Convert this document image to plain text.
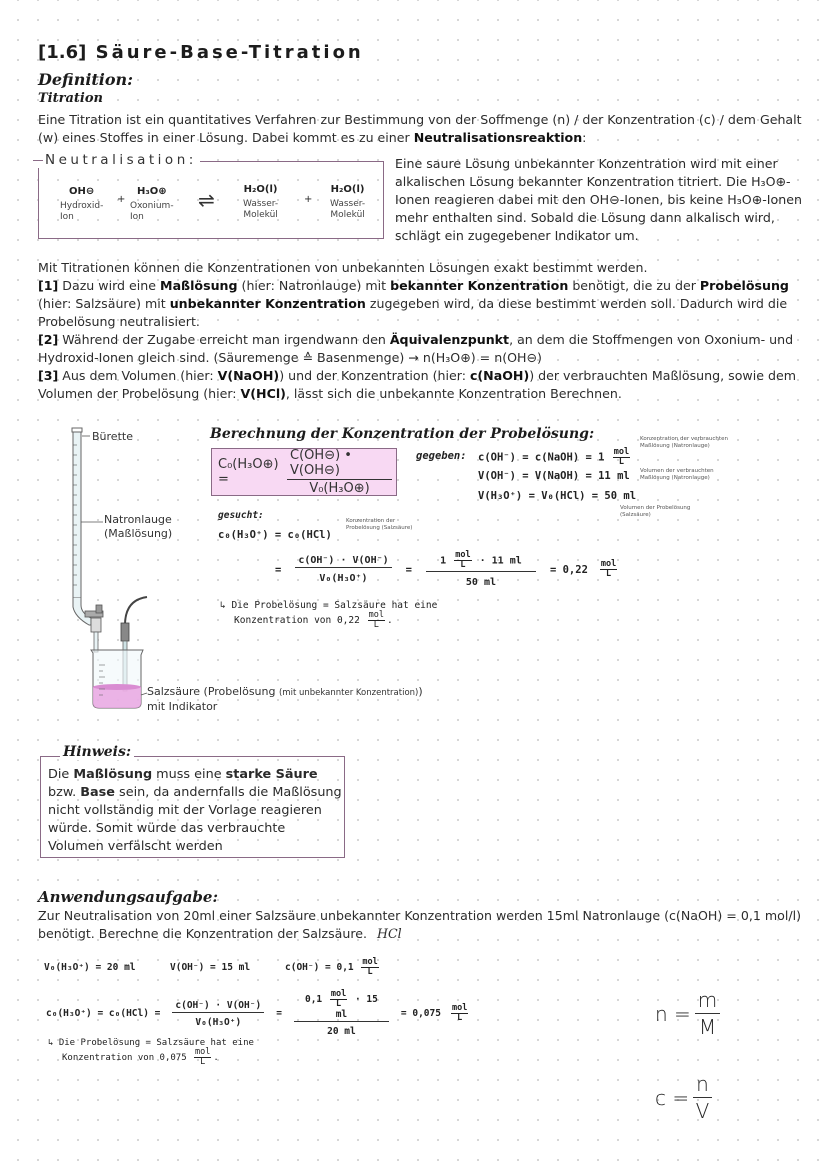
[1.6] Säure-Base-Titration
Definition:
Titration
Eine Titration ist ein quantitatives Verfahren zur Bestimmung von der Soffmenge (n) / der Konzentration (c) / dem Gehalt (w) eines Stoffes in einer Lösung. Dabei kommt es zu einer Neutralisationsreaktion:
Neutralisation:
OH⊖
Hydroxid-
Ion
+
H₃O⊕
Oxonium-
Ion
⇌	H₂O(l)
Wasser-
Molekül
+
H₂O(l)
Wasser-
Molekül
Eine saure Lösung unbekannter Konzentration wird mit einer alkalischen Lösung bekannter Konzentration titriert. Die H₃O⊕-Ionen reagieren dabei mit den OH⊖-Ionen, bis keine H₃O⊕-Ionen mehr enthalten sind. Sobald die Lösung dann alkalisch wird, schlägt ein zugegebener Indikator um.
Mit Titrationen können die Konzentrationen von unbekannten Lösungen exakt bestimmt werden.
[1] Dazu wird eine Maßlösung (hier: Natronlauge) mit bekannter Konzentration benötigt, die zu der Probelösung (hier: Salzsäure) mit unbekannter Konzentration zugegeben wird, da diese bestimmt werden soll. Dadurch wird die Probelösung neutralisiert.
[2] Während der Zugabe erreicht man irgendwann den Äquivalenzpunkt, an dem die Stoffmengen von Oxonium- und Hydroxid-Ionen gleich sind. (Säuremenge ≙ Basenmenge) → n(H₃O⊕) = n(OH⊖)
[3] Aus dem Volumen (hier: V(NaOH)) und der Konzentration (hier: c(NaOH)) der verbrauchten Maßlösung, sowie dem Volumen der Probelösung (hier: V(HCl), lässt sich die unbekannte Konzentration Berechnen.
Bürette
Natronlauge
(Maßlösung)
Salzsäure (Probelösung (mit unbekannter Konzentration))
mit Indikator
Berechnung der Konzentration der Probelösung:
C₀(H₃O⊕) =	$\frac{C(OH⊖) • V(OH⊖)}{\text{V₀(H₃O⊕)}}$ gegeben: c(OH⁻) = c(NaOH) = $1 \frac{\text{mol}}{L}$
V(OH⁻) = V(NaOH) = 11 ml
V(H₃O⁺) = V₀(HCl) = 50 ml
Konzentration der verbrauchten Maßlösung (Natronlauge)
Volumen der verbrauchten Maßlösung (Natronlauge)
Volumen der Probelösung (Salzsäure)
gesucht:
c₀(H₃O⁺) = c₀(HCl)
Konzentration der Probelösung (Salzsäure)
= $\frac{c(OH^-) \cdot V(OH^-)}{\text{V₀(H₃O⁺)}} = \frac{1 \frac{\text{mol}}{L} \cdot 11 ml}{50 ml} = 0,22 \frac{\text{mol}}{L}$
↳ Die Probelösung = Salzsäure hat eine
Konzentration von $0,22 \frac{\text{mol}}{L}$ .
Hinweis:
Die Maßlösung muss eine starke Säure bzw. Base sein, da andernfalls die Maßlösung nicht vollständig mit der Vorlage reagieren würde. Somit würde das verbrauchte Volumen verfälscht werden
Anwendungsaufgabe:
Zur Neutralisation von 20ml einer Salzsäure unbekannter Konzentration werden 15ml Natronlauge (c(NaOH) = 0,1 mol/l) benötigt. Berechne die Konzentration der Salzsäure. HCl
V₀(H₃O⁺) = 20 ml	V(OH⁻) = 15 ml	$c(OH^-) = 0,1 \frac{\text{mol}}{L}$
$c_0(H_3O^+) = c_0(HCl) = \frac{c(OH^-) \cdot V(OH^-)}{\text{V₀(H₃O⁺)}} = \frac{0,1 \frac{\text{mol}}{L} \cdot 15 ml}{20 ml} = 0,075 \frac{\text{mol}}{L}$
↳ Die Probelösung = Salzsäure hat eine
Konzentration von $0,075 \frac{\text{mol}}{L}$ .
$n = \frac{m}{M}$
$c = \frac{n}{V}$
